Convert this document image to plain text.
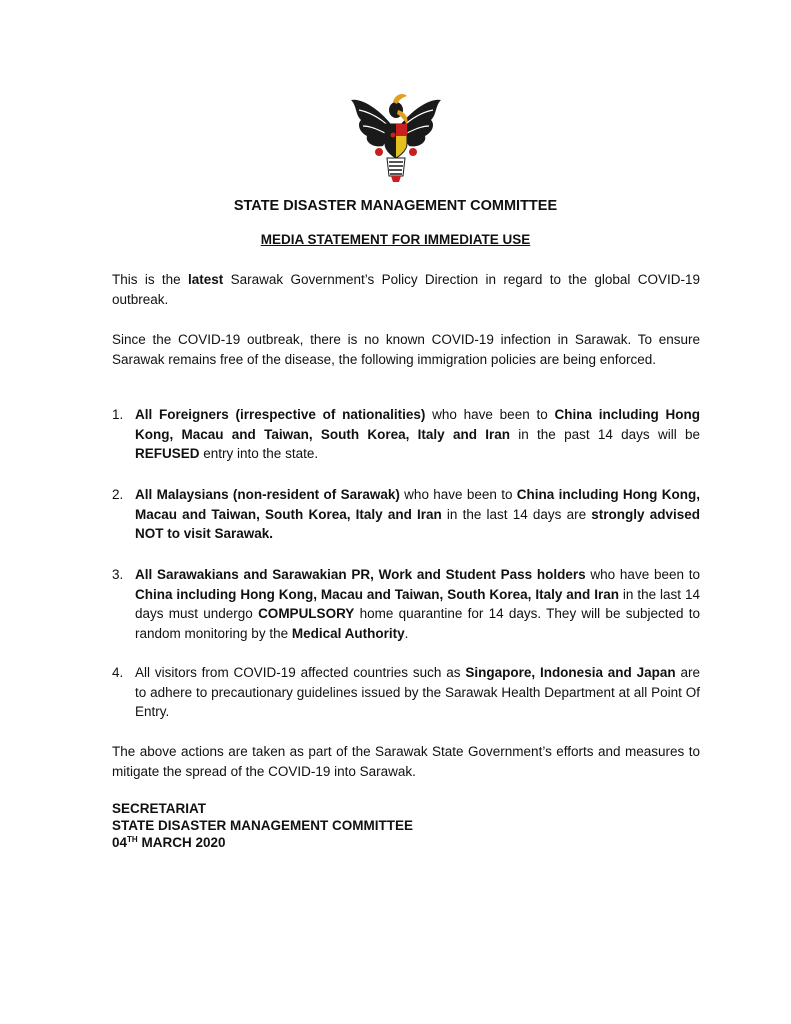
STATE DISASTER MANAGEMENT COMMITTEE
MEDIA STATEMENT FOR IMMEDIATE USE
This is the latest Sarawak Government’s Policy Direction in regard to the global COVID-19 outbreak.
Since the COVID-19 outbreak, there is no known COVID-19 infection in Sarawak. To ensure Sarawak remains free of the disease, the following immigration policies are being enforced.
1. All Foreigners (irrespective of nationalities) who have been to China including Hong Kong, Macau and Taiwan, South Korea, Italy and Iran in the past 14 days will be REFUSED entry into the state.
2. All Malaysians (non-resident of Sarawak) who have been to China including Hong Kong, Macau and Taiwan, South Korea, Italy and Iran in the last 14 days are strongly advised NOT to visit Sarawak.
3. All Sarawakians and Sarawakian PR, Work and Student Pass holders who have been to China including Hong Kong, Macau and Taiwan, South Korea, Italy and Iran in the last 14 days must undergo COMPULSORY home quarantine for 14 days. They will be subjected to random monitoring by the Medical Authority.
4. All visitors from COVID-19 affected countries such as Singapore, Indonesia and Japan are to adhere to precautionary guidelines issued by the Sarawak Health Department at all Point Of Entry.
The above actions are taken as part of the Sarawak State Government’s efforts and measures to mitigate the spread of the COVID-19 into Sarawak.
SECRETARIAT
STATE DISASTER MANAGEMENT COMMITTEE
04TH MARCH 2020
